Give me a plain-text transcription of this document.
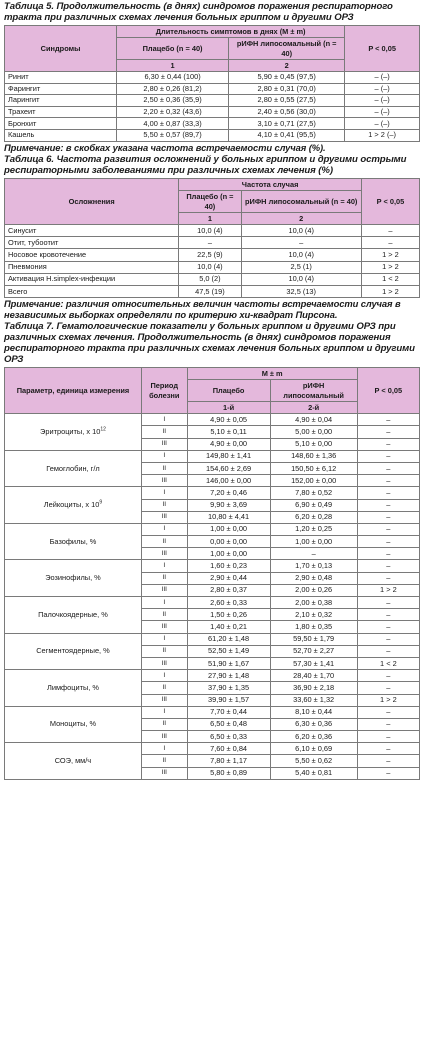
Таблица 5. Продолжительность (в днях) синдромов поражения респираторного тракта при различных схемах лечения больных гриппом и другими ОРЗ

Синдромы	Длительность симптомов в днях (М ± m)		P < 0,05
	Плацебо (n = 40)	рИФН липосомальный (n = 40)	
	1	2	
Ринит	6,30 ± 0,44 (100)	5,90 ± 0,45 (97,5)	– (–)
Фарингит	2,80 ± 0,26 (81,2)	2,80 ± 0,31 (70,0)	– (–)
Ларингит	2,50 ± 0,36 (35,9)	2,80 ± 0,55 (27,5)	– (–)
Трахеит	2,20 ± 0,32 (43,6)	2,40 ± 0,56 (30,0)	– (–)
Бронхит	4,00 ± 0,87 (33,3)	3,10 ± 0,71 (27,5)	– (–)
Кашель	5,50 ± 0,57 (89,7)	4,10 ± 0,41 (95,5)	1 > 2 (–)

Примечание: в скобках указана частота встречаемости случая (%).

Таблица 6. Частота развития осложнений у больных гриппом и другими острыми респираторными заболеваниями при различных схемах лечения (%)

Осложнения	Частота случая		P < 0,05
	Плацебо (n = 40)	рИФН липосомальный (n = 40)	
	1	2	
Синусит	10,0 (4)	10,0 (4)	–
Отит, тубоотит	–	–	–
Носовое кровотечение	22,5 (9)	10,0 (4)	1 > 2
Пневмония	10,0 (4)	2,5 (1)	1 > 2
Активация H.simplex-инфекции	5,0 (2)	10,0 (4)	1 < 2
Всего	47,5 (19)	32,5 (13)	1 > 2

Примечание: различия относительных величин частоты встречаемости случая в независимых выборках определяли по критерию хи-квадрат Пирсона.

Таблица 7. Гематологические показатели у больных гриппом и другими ОРЗ при различных схемах лечения. Продолжительность (в днях) синдромов поражения респираторного тракта при различных схемах лечения больных гриппом и другими ОРЗ

Параметр, единица измерения	Период болезни	M ± m		P < 0,05
		Плацебо	рИФН липосомальный	
		1-й	2-й	
Эритроциты, х $10^{12}$	I	4,90 ± 0,05	4,90 ± 0,04	–
	II	5,10 ± 0,11	5,00 ± 0,00	–
	III	4,90 ± 0,00	5,10 ± 0,00	–
Гемоглобин, г/л	I	149,80 ± 1,41	148,60 ± 1,36	–
	II	154,60 ± 2,69	150,50 ± 6,12	–
	III	146,00 ± 0,00	152,00 ± 0,00	–
Лейкоциты, х $10^9$	I	7,20 ± 0,46	7,80 ± 0,52	–
	II	9,90 ± 3,69	6,90 ± 0,49	–
	III	10,80 ± 4,41	6,20 ± 0,28	–
Базофилы, %	I	1,00 ± 0,00	1,20 ± 0,25	–
	II	0,00 ± 0,00	1,00 ± 0,00	–
	III	1,00 ± 0,00	–	–
Эозинофилы, %	I	1,60 ± 0,23	1,70 ± 0,13	–
	II	2,90 ± 0,44	2,90 ± 0,48	–
	III	2,80 ± 0,37	2,00 ± 0,26	1 > 2
Палочкоядерные, %	I	2,60 ± 0,33	2,00 ± 0,38	–
	II	1,50 ± 0,26	2,10 ± 0,32	–
	III	1,40 ± 0,21	1,80 ± 0,35	–
Сегментоядерные, %	I	61,20 ± 1,48	59,50 ± 1,79	–
	II	52,50 ± 1,49	52,70 ± 2,27	–
	III	51,90 ± 1,67	57,30 ± 1,41	1 < 2
Лимфоциты, %	I	27,90 ± 1,48	28,40 ± 1,70	–
	II	37,90 ± 1,35	36,90 ± 2,18	–
	III	39,90 ± 1,57	33,60 ± 1,32	1 > 2
Моноциты, %	I	7,70 ± 0,44	8,10 ± 0,44	–
	II	6,50 ± 0,48	6,30 ± 0,36	–
	III	6,50 ± 0,33	6,20 ± 0,36	–
СОЭ, мм/ч	I	7,60 ± 0,84	6,10 ± 0,69	–
	II	7,80 ± 1,17	5,50 ± 0,62	–
	III	5,80 ± 0,89	5,40 ± 0,81	–
